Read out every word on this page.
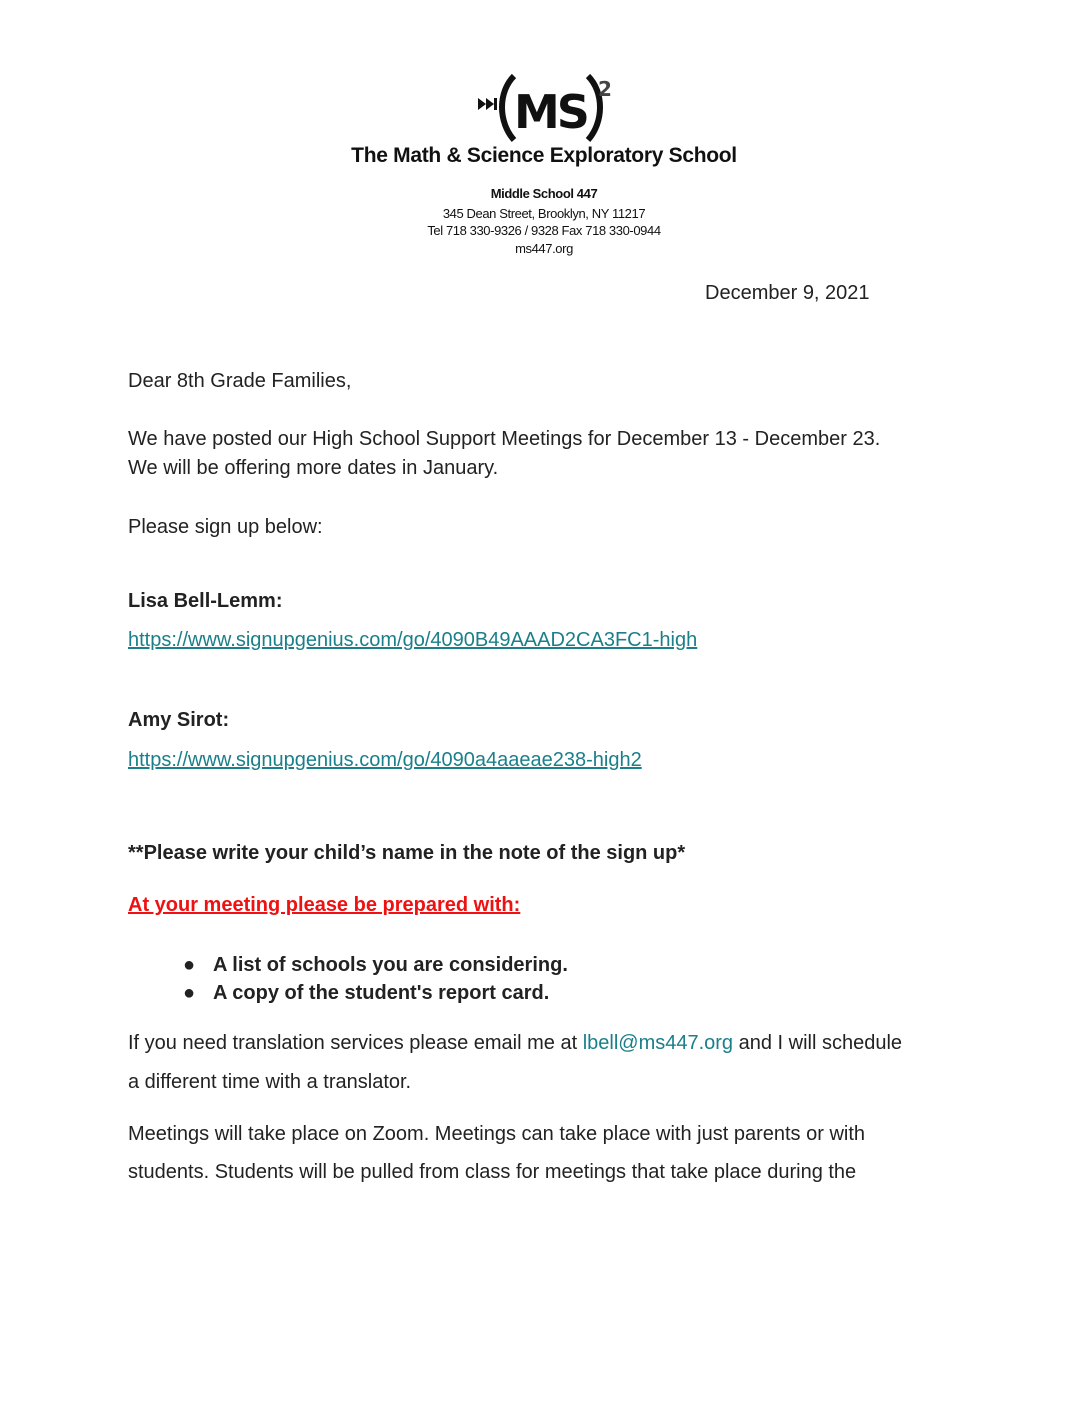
MS 2
The Math & Science Exploratory School
Middle School 447
345 Dean Street, Brooklyn, NY 11217
Tel 718 330-9326 / 9328 Fax 718 330-0944
ms447.org
December 9, 2021
Dear 8th Grade Families,
We have posted our High School Support Meetings for December 13 - December 23.
We will be offering more dates in January.
Please sign up below:
Lisa Bell-Lemm:
https://www.signupgenius.com/go/4090B49AAAD2CA3FC1-high
Amy Sirot:
https://www.signupgenius.com/go/4090a4aaeae238-high2
**Please write your child’s name in the note of the sign up*
At your meeting please be prepared with:
● A list of schools you are considering.
● A copy of the student's report card.
If you need translation services please email me at lbell@ms447.org and I will schedule
a different time with a translator.
Meetings will take place on Zoom. Meetings can take place with just parents or with
students. Students will be pulled from class for meetings that take place during the
